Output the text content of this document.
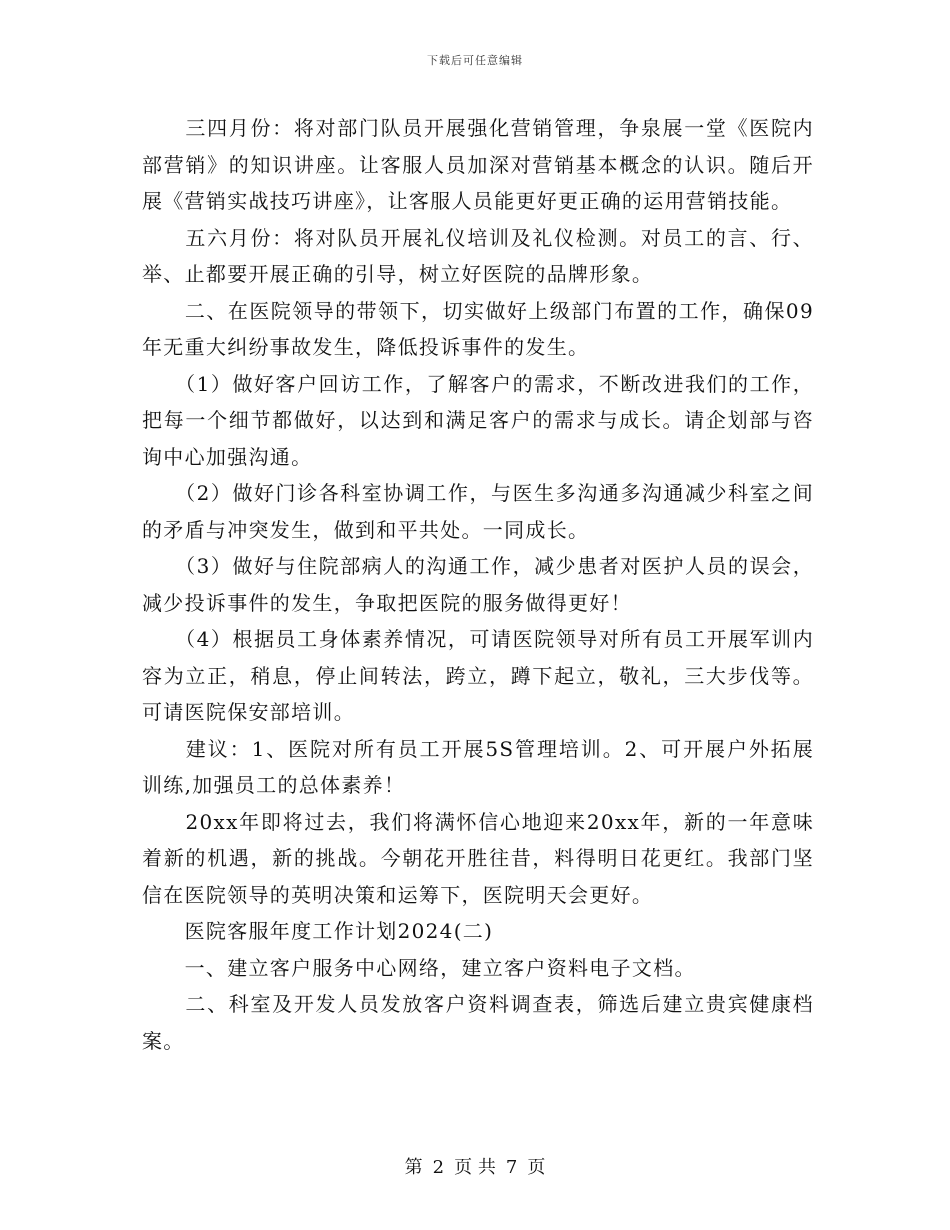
下载后可任意编辑

　　三四月份：将对部门队员开展强化营销管理，争泉展一堂《医院内部营销》的知识讲座。让客服人员加深对营销基本概念的认识。随后开展《营销实战技巧讲座》，让客服人员能更好更正确的运用营销技能。

　　五六月份：将对队员开展礼仪培训及礼仪检测。对员工的言、行、举、止都要开展正确的引导，树立好医院的品牌形象。

　　二、在医院领导的带领下，切实做好上级部门布置的工作，确保09年无重大纠纷事故发生，降低投诉事件的发生。

　　（1）做好客户回访工作，了解客户的需求，不断改进我们的工作，把每一个细节都做好，以达到和满足客户的需求与成长。请企划部与咨询中心加强沟通。

　　（2）做好门诊各科室协调工作，与医生多沟通多沟通减少科室之间的矛盾与冲突发生，做到和平共处。一同成长。

　　（3）做好与住院部病人的沟通工作，减少患者对医护人员的误会，减少投诉事件的发生，争取把医院的服务做得更好！

　　（4）根据员工身体素养情况，可请医院领导对所有员工开展军训内容为立正，稍息，停止间转法，跨立，蹲下起立，敬礼，三大步伐等。可请医院保安部培训。

　　建议：1、医院对所有员工开展5S管理培训。2、可开展户外拓展训练,加强员工的总体素养！

　　20xx年即将过去，我们将满怀信心地迎来20xx年，新的一年意味着新的机遇，新的挑战。今朝花开胜往昔，料得明日花更红。我部门坚信在医院领导的英明决策和运筹下，医院明天会更好。

　　医院客服年度工作计划2024(二)

　　一、建立客户服务中心网络，建立客户资料电子文档。

　　二、科室及开发人员发放客户资料调查表，筛选后建立贵宾健康档案。

第 2 页 共 7 页
